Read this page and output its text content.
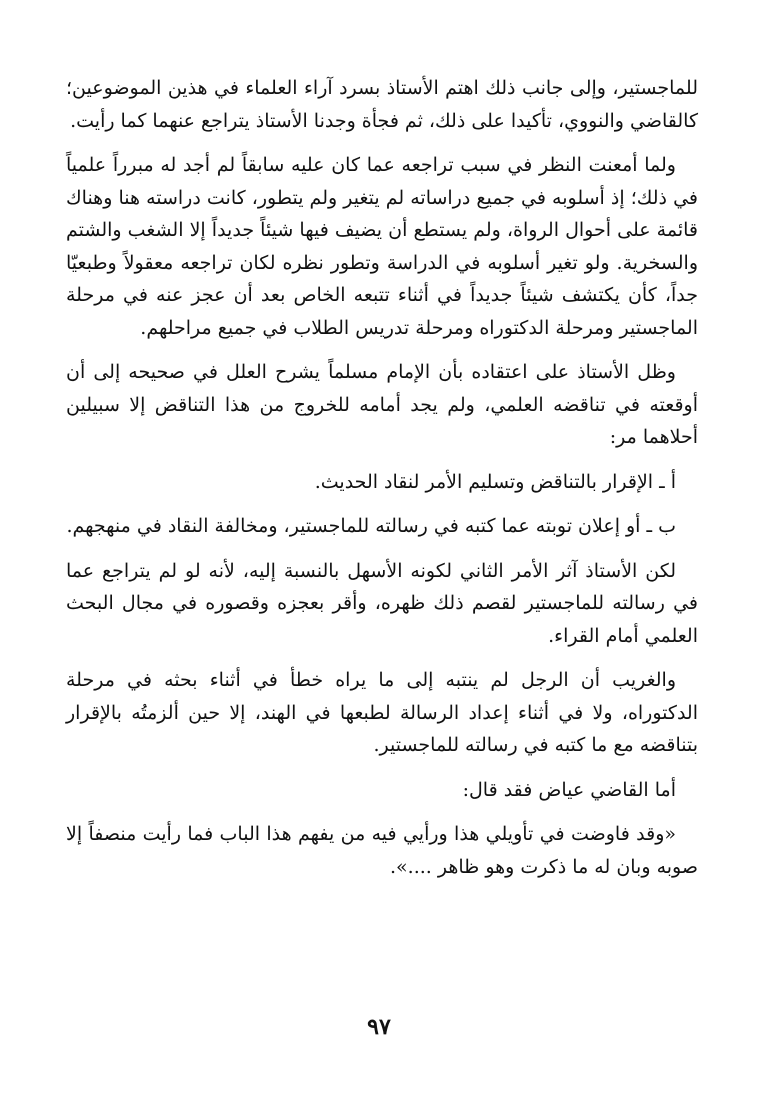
للماجستير، وإلى جانب ذلك اهتم الأستاذ بسرد آراء العلماء في هذين الموضوعين؛ كالقاضي والنووي، تأكيدا على ذلك، ثم فجأة وجدنا الأستاذ يتراجع عنهما كما رأيت.

ولما أمعنت النظر في سبب تراجعه عما كان عليه سابقاً لم أجد له مبرراً علمياً في ذلك؛ إذ أسلوبه في جميع دراساته لم يتغير ولم يتطور، كانت دراسته هنا وهناك قائمة على أحوال الرواة، ولم يستطع أن يضيف فيها شيئاً جديداً إلا الشغب والشتم والسخرية. ولو تغير أسلوبه في الدراسة وتطور نظره لكان تراجعه معقولاً وطبعيّا جداً، كأن يكتشف شيئاً جديداً في أثناء تتبعه الخاص بعد أن عجز عنه في مرحلة الماجستير ومرحلة الدكتوراه ومرحلة تدريس الطلاب في جميع مراحلهم.

وظل الأستاذ على اعتقاده بأن الإمام مسلماً يشرح العلل في صحيحه إلى أن أوقعته في تناقضه العلمي، ولم يجد أمامه للخروج من هذا التناقض إلا سبيلين أحلاهما مر:

أ ـ الإقرار بالتناقض وتسليم الأمر لنقاد الحديث.

ب ـ أو إعلان توبته عما كتبه في رسالته للماجستير، ومخالفة النقاد في منهجهم.

لكن الأستاذ آثر الأمر الثاني لكونه الأسهل بالنسبة إليه، لأنه لو لم يتراجع عما في رسالته للماجستير لقصم ذلك ظهره، وأقر بعجزه وقصوره في مجال البحث العلمي أمام القراء.

والغريب أن الرجل لم ينتبه إلى ما يراه خطأ في أثناء بحثه في مرحلة الدكتوراه، ولا في أثناء إعداد الرسالة لطبعها في الهند، إلا حين ألزمتُه بالإقرار بتناقضه مع ما كتبه في رسالته للماجستير.

أما القاضي عياض فقد قال:

«وقد فاوضت في تأويلي هذا ورأيي فيه من يفهم هذا الباب فما رأيت منصفاً إلا صوبه وبان له ما ذكرت وهو ظاهر ....».

٩٧
